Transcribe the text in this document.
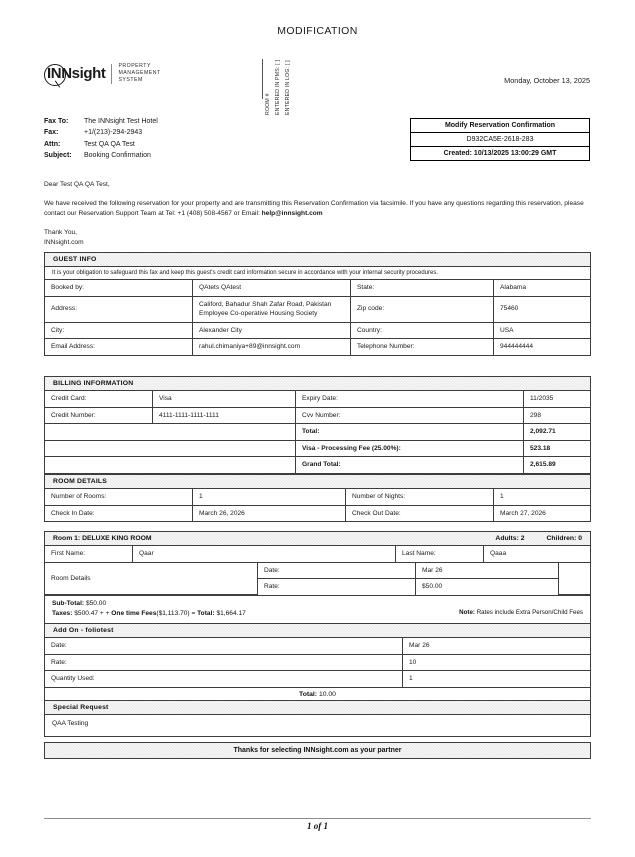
MODIFICATION
ENTERED IN LOG: [ ]
ENTERED IN PMS: [ ]
ROOM #
INNsight	PROPERTY
MANAGEMENT
SYSTEM	Monday, October 13, 2025
Fax To:	The INNsight Test Hotel
Fax:	+1/(213)-294-2943
Attn:	Test QA QA Test
Subject:	Booking Confirmation
Modify Reservation Confirmation
D932CA5E-2618-283
Created: 10/13/2025 13:00:29 GMT
Dear Test QA QA Test,
We have received the following reservation for your property and are transmitting this Reservation Confirmation via facsimile. If you have any questions regarding this reservation, please contact our Reservation Support Team at Tel: +1 (408) 508-4567 or Email: help@innsight.com
Thank You,
INNsight.com
GUEST INFO
It is your obligation to safeguard this fax and keep this guest's credit card information secure in accordance with your internal security procedures.
Booked by:	QAtets QAtest	State:	Alabama
Address:	Califord, Bahadur Shah Zafar Road, Pakistan Employee Co-operative Housing Society	Zip code:	75460
City:	Alexander City	Country:	USA
Email Address:	rahul.chimaniya+89@innsight.com	Telephone Number:	944444444
BILLING INFORMATION
Credit Card:	Visa	Expiry Date:	11/2035
Credit Number:	4111-1111-1111-1111	Cvv Number:	298
		Total:	2,092.71
		Visa - Processing Fee (25.00%):	523.18
		Grand Total:	2,615.89
ROOM DETAILS
Number of Rooms:	1	Number of Nights:	1
Check In Date:	March 26, 2026	Check Out Date:	March 27, 2026
Room 1: DELUXE KING ROOM	Adults: 2	Children: 0
First Name:	Qaar	Last Name:	Qaaa
Room Details	Date:	Mar 26	
	Rate:	$50.00	
Sub-Total: $50.00
Taxes: $500.47 + + One time Fees($1,113.70) = Total: $1,664.17	Note: Rates include Extra Person/Child Fees
Add On - foliotest
Date:	Mar 26
Rate:	10
Quantity Used:	1
Total: 10.00
Special Request
QAA Testing
Thanks for selecting INNsight.com as your partner
1 of 1
